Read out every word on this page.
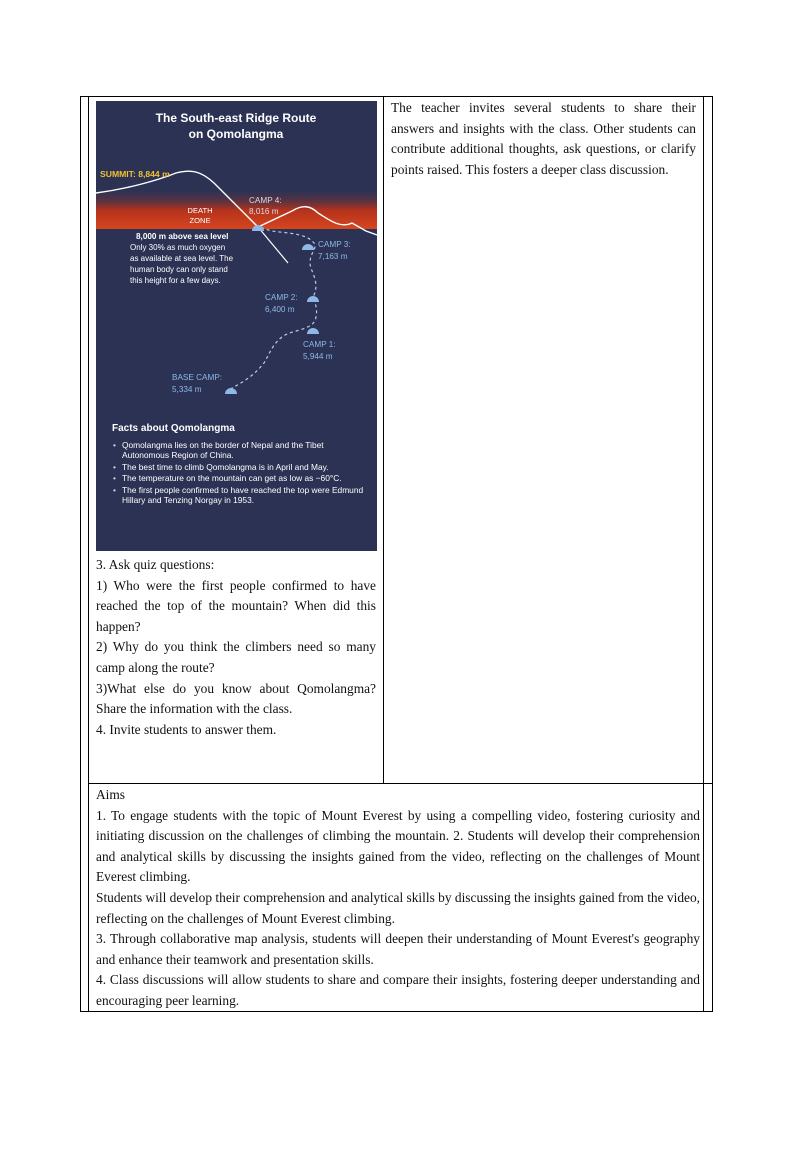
The South-east Ridge Route
on Qomolangma
SUMMIT: 8,844 m
DEATH
ZONE
CAMP 4:
8,016 m
CAMP 3:
7,163 m
CAMP 2:
6,400 m
CAMP 1:
5,944 m
BASE CAMP:
5,334 m
8,000 m above sea level
Only 30% as much oxygen
as available at sea level. The
human body can only stand
this height for a few days.
Facts about Qomolangma
• Qomolangma lies on the border of Nepal and the Tibet Autonomous Region of China.
• The best time to climb Qomolangma is in April and May.
• The temperature on the mountain can get as low as −60°C.
• The first people confirmed to have reached the top were Edmund Hillary and Tenzing Norgay in 1953.

3. Ask quiz questions:

1) Who were the first people confirmed to have reached the top of the mountain? When did this happen?

2) Why do you think the climbers need so many camp along the route?

3)What else do you know about Qomolangma? Share the information with the class.

4. Invite students to answer them.

The teacher invites several students to share their answers and insights with the class. Other students can contribute additional thoughts, ask questions, or clarify points raised. This fosters a deeper class discussion.

Aims

1. To engage students with the topic of Mount Everest by using a compelling video, fostering curiosity and initiating discussion on the challenges of climbing the mountain. 2. Students will develop their comprehension and analytical skills by discussing the insights gained from the video, reflecting on the challenges of Mount Everest climbing.

Students will develop their comprehension and analytical skills by discussing the insights gained from the video, reflecting on the challenges of Mount Everest climbing.

3. Through collaborative map analysis, students will deepen their understanding of Mount Everest's geography and enhance their teamwork and presentation skills.

4. Class discussions will allow students to share and compare their insights, fostering deeper understanding and encouraging peer learning.
